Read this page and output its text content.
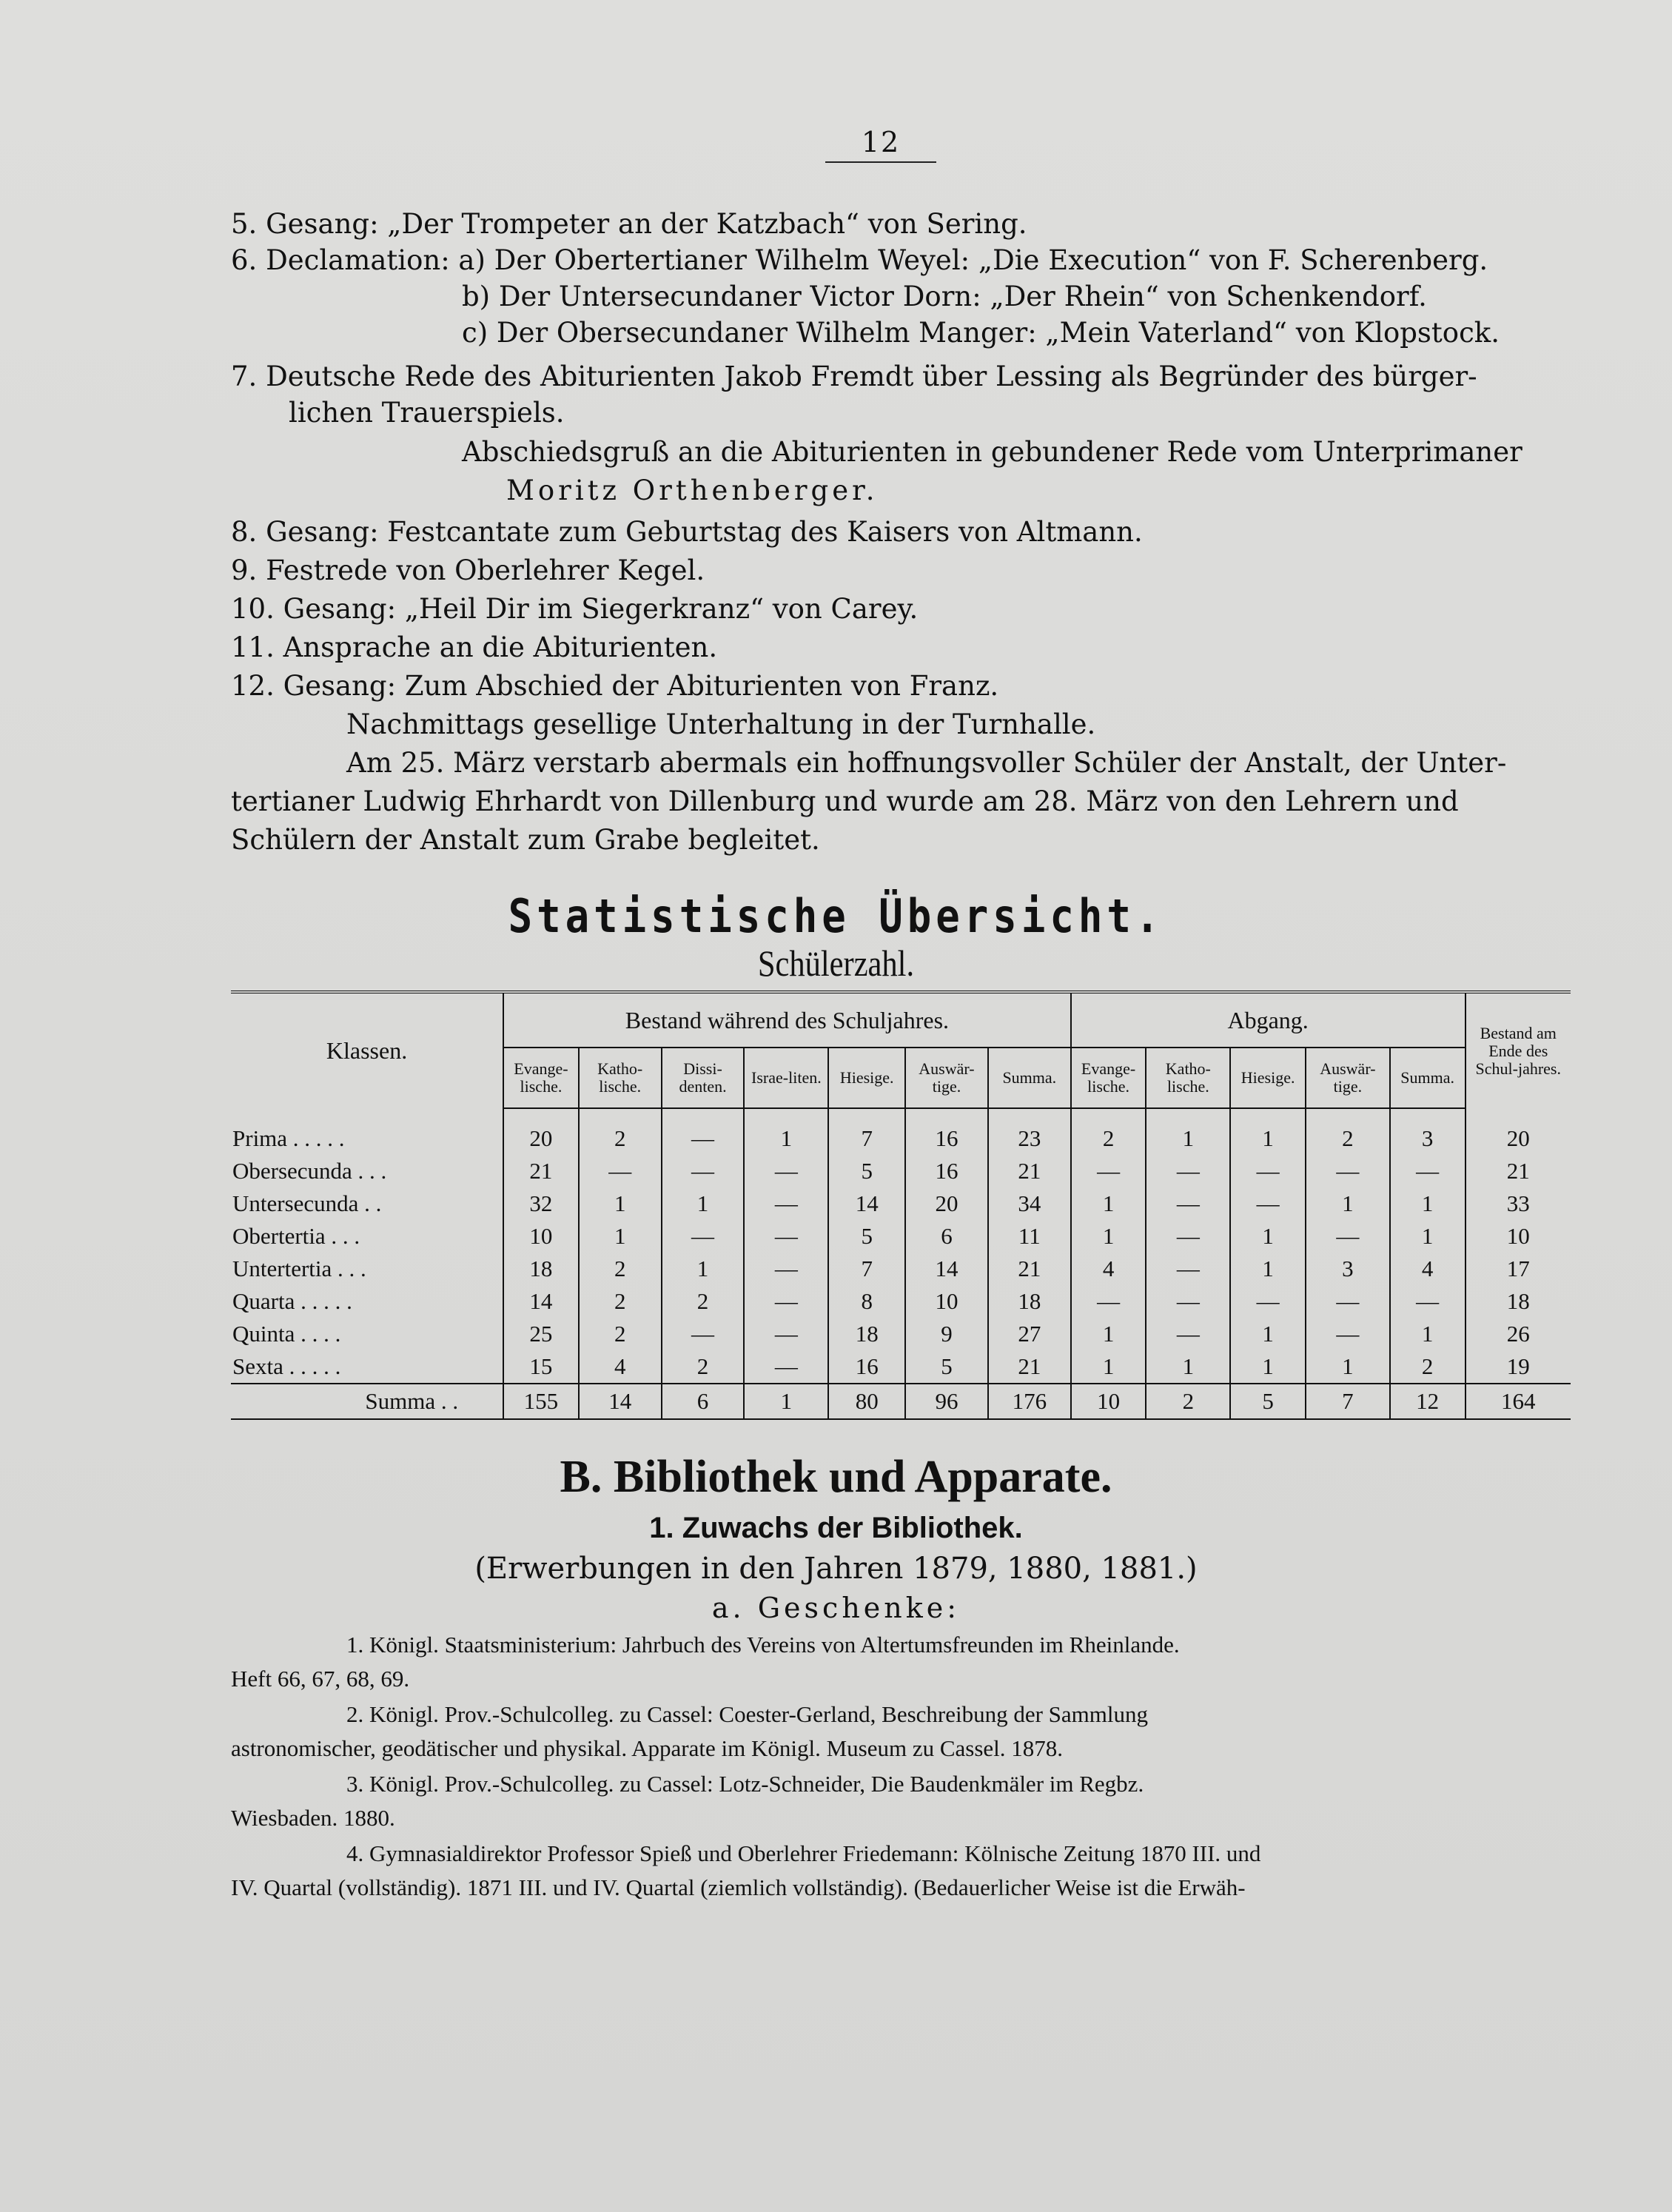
12
5. Gesang: „Der Trompeter an der Katzbach“ von Sering.
6. Declamation: a) Der Obertertianer Wilhelm Weyel: „Die Execution“ von F. Scherenberg.
b) Der Untersecundaner Victor Dorn: „Der Rhein“ von Schenkendorf.
c) Der Obersecundaner Wilhelm Manger: „Mein Vaterland“ von Klopstock.
7. Deutsche Rede des Abiturienten Jakob Fremdt über Lessing als Begründer des bürger-
lichen Trauerspiels.
Abschiedsgruß an die Abiturienten in gebundener Rede vom Unterprimaner
Moritz Orthenberger.
8. Gesang: Festcantate zum Geburtstag des Kaisers von Altmann.
9. Festrede von Oberlehrer Kegel.
10. Gesang: „Heil Dir im Siegerkranz“ von Carey.
11. Ansprache an die Abiturienten.
12. Gesang: Zum Abschied der Abiturienten von Franz.
Nachmittags gesellige Unterhaltung in der Turnhalle.
Am 25. März verstarb abermals ein hoffnungsvoller Schüler der Anstalt, der Unter-
tertianer Ludwig Ehrhardt von Dillenburg und wurde am 28. März von den Lehrern und
Schülern der Anstalt zum Grabe begleitet.
Statistische Übersicht.
Schülerzahl.
Klassen.	Bestand während des Schuljahres.							Abgang.					Bestand am Ende des Schul-jahres.
	Evange-lische.	Katho-lische.	Dissi-denten.	Israe-liten.	Hiesige.	Auswär-tige.	Summa.	Evange-lische.	Katho-lische.	Hiesige.	Auswär-tige.	Summa.	
Prima . . . . .	20	2	—	1	7	16	23	2	1	1	2	3	20
Obersecunda . . .	21	—	—	—	5	16	21	—	—	—	—	—	21
Untersecunda . .	32	1	1	—	14	20	34	1	—	—	1	1	33
Obertertia . . .	10	1	—	—	5	6	11	1	—	1	—	1	10
Untertertia . . .	18	2	1	—	7	14	21	4	—	1	3	4	17
Quarta . . . . .	14	2	2	—	8	10	18	—	—	—	—	—	18
Quinta . . . .	25	2	—	—	18	9	27	1	—	1	—	1	26
Sexta . . . . .	15	4	2	—	16	5	21	1	1	1	1	2	19
Summa . .	155	14	6	1	80	96	176	10	2	5	7	12	164
B. Bibliothek und Apparate.
1. Zuwachs der Bibliothek.
(Erwerbungen in den Jahren 1879, 1880, 1881.)
a. Geschenke:
1. Königl. Staatsministerium: Jahrbuch des Vereins von Altertumsfreunden im Rheinlande.
Heft 66, 67, 68, 69.
2. Königl. Prov.-Schulcolleg. zu Cassel: Coester-Gerland, Beschreibung der Sammlung
astronomischer, geodätischer und physikal. Apparate im Königl. Museum zu Cassel. 1878.
3. Königl. Prov.-Schulcolleg. zu Cassel: Lotz-Schneider, Die Baudenkmäler im Regbz.
Wiesbaden. 1880.
4. Gymnasialdirektor Professor Spieß und Oberlehrer Friedemann: Kölnische Zeitung 1870 III. und
IV. Quartal (vollständig). 1871 III. und IV. Quartal (ziemlich vollständig). (Bedauerlicher Weise ist die Erwäh-
